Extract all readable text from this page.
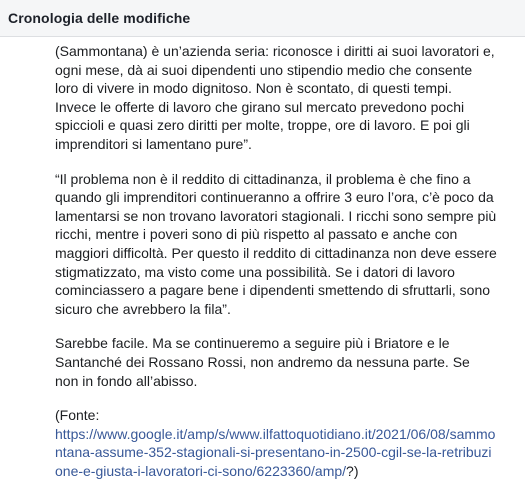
Cronologia delle modifiche

(Sammontana) è un’azienda seria: riconosce i diritti ai suoi lavoratori e, ogni mese, dà ai suoi dipendenti uno stipendio medio che consente loro di vivere in modo dignitoso. Non è scontato, di questi tempi. Invece le offerte di lavoro che girano sul mercato prevedono pochi spiccioli e quasi zero diritti per molte, troppe, ore di lavoro. E poi gli imprenditori si lamentano pure”.

“Il problema non è il reddito di cittadinanza, il problema è che fino a quando gli imprenditori continueranno a offrire 3 euro l’ora, c’è poco da lamentarsi se non trovano lavoratori stagionali. I ricchi sono sempre più ricchi, mentre i poveri sono di più rispetto al passato e anche con maggiori difficoltà. Per questo il reddito di cittadinanza non deve essere stigmatizzato, ma visto come una possibilità. Se i datori di lavoro cominciassero a pagare bene i dipendenti smettendo di sfruttarli, sono sicuro che avrebbero la fila”.

Sarebbe facile. Ma se continueremo a seguire più i Briatore e le Santanché dei Rossano Rossi, non andremo da nessuna parte. Se non in fondo all’abisso.

(Fonte:
https://www.google.it/amp/s/www.ilfattoquotidiano.it/2021/06/08/sammontana-assume-352-stagionali-si-presentano-in-2500-cgil-se-la-retribuzione-e-giusta-i-lavoratori-ci-sono/6223360/amp/?)
